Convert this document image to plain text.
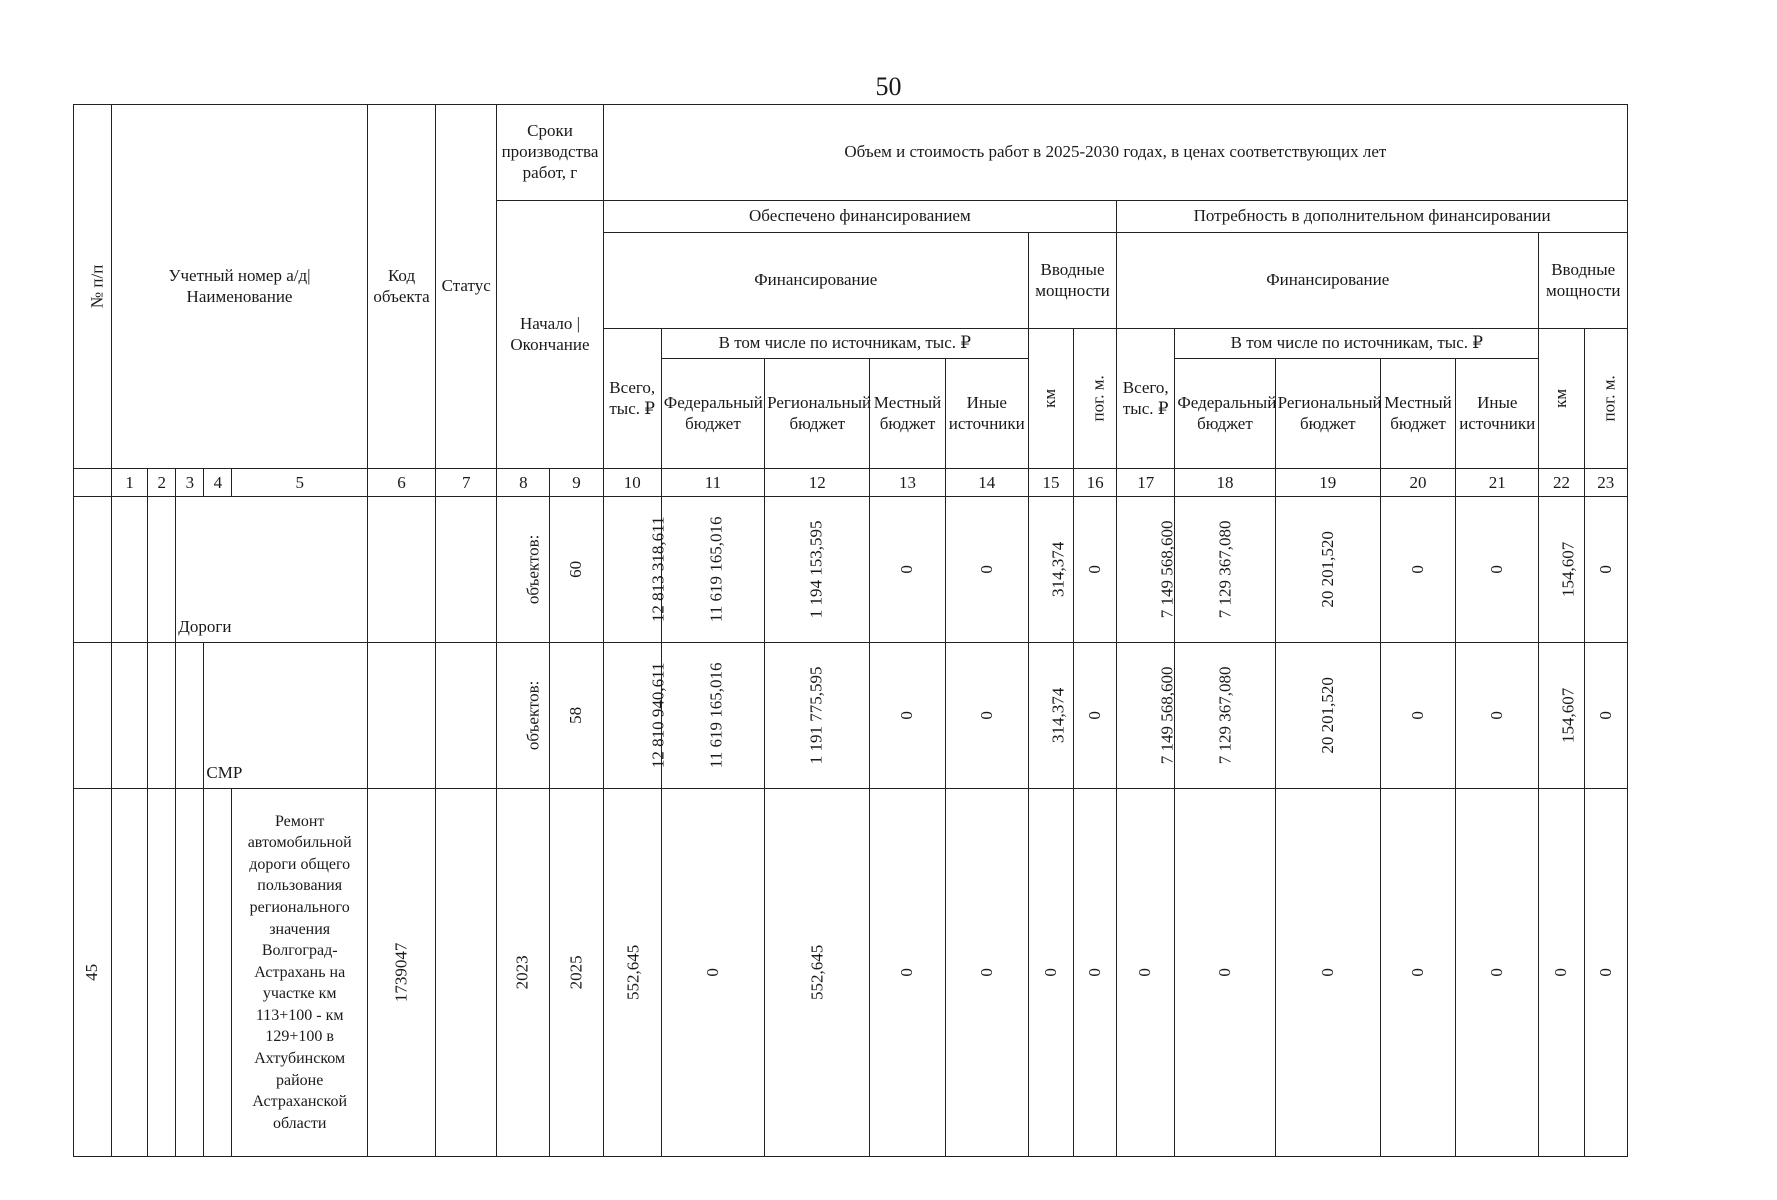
50
№ п/п	Учетный номер а/д| Наименование					Код объекта	Статус	Сроки производства работ, г		Объем и стоимость работ в 2025-2030 годах, в ценах соответствующих лет													
								Начало | Окончание		Обеспечено финансированием							Потребность в дополнительном финансировании						
										Финансирование					Вводные мощности		Финансирование					Вводные мощности	
										Всего, тыс. ₽	В том числе по источникам, тыс. ₽				км	пог. м.	Всего, тыс. ₽	В том числе по источникам, тыс. ₽				км	пог. м.
											Федеральный бюджет	Региональный бюджет	Местный бюджет	Иные источники				Федеральный бюджет	Региональный бюджет	Местный бюджет	Иные источники		
	1	2	3	4	5	6	7	8	9	10	11	12	13	14	15	16	17	18	19	20	21	22	23
			Дороги					объектов:	60	12 813 318,611	11 619 165,016	1 194 153,595	0	0	314,374	0	7 149 568,600	7 129 367,080	20 201,520	0	0	154,607	0
				СМР				объектов:	58	12 810 940,611	11 619 165,016	1 191 775,595	0	0	314,374	0	7 149 568,600	7 129 367,080	20 201,520	0	0	154,607	0
45					Ремонт автомобильной дороги общего пользования регионального значения Волгоград-Астрахань на участке км 113+100 - км 129+100 в Ахтубинском районе Астраханской области	1739047		2023	2025	552,645	0	552,645	0	0	0	0	0	0	0	0	0	0	0
